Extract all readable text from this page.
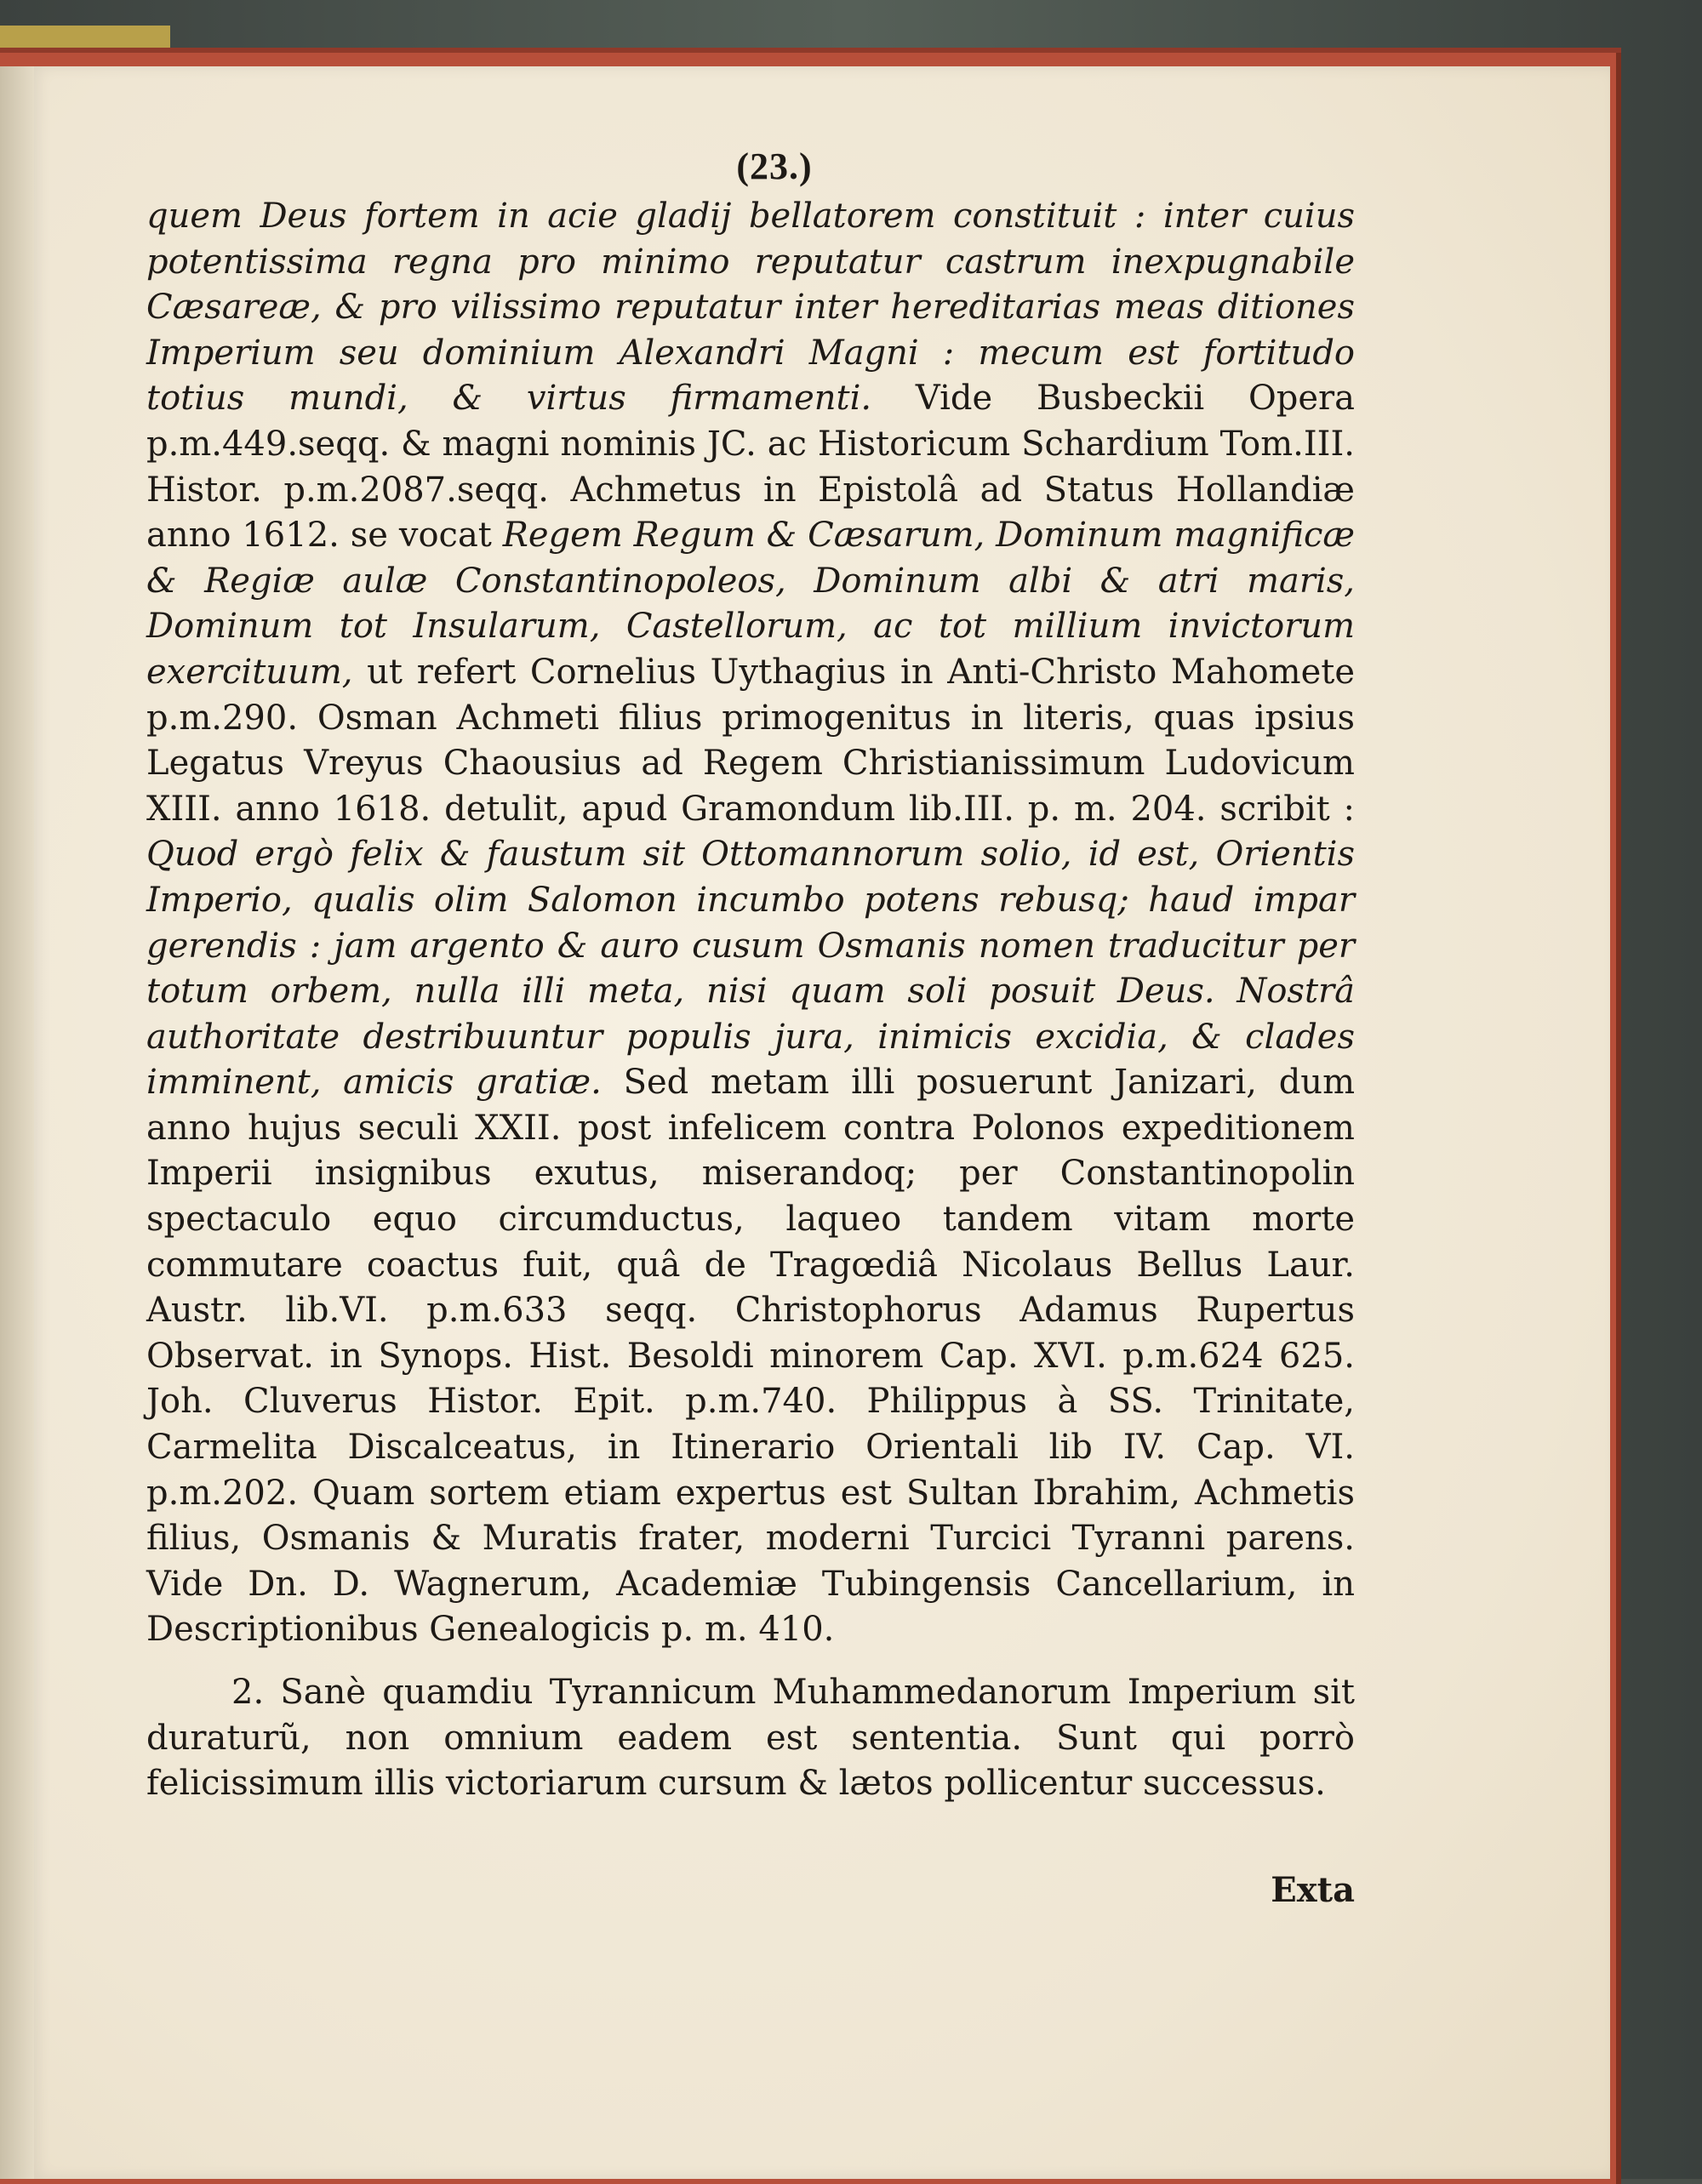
(23.)

quem Deus fortem in acie gladij bellatorem constituit : inter cuius potentissima regna pro minimo reputatur castrum inexpugnabile Cæsareæ, & pro vilissimo reputatur inter hereditarias meas ditiones Imperium seu dominium Alexandri Magni : mecum est fortitudo totius mundi, & virtus firmamenti. Vide Busbeckii Opera p.m.449.seqq. & magni nominis JC. ac Historicum Schardium Tom.III. Histor. p.m.2087.seqq. Achmetus in Epistolâ ad Status Hollandiæ anno 1612. se vocat Regem Regum & Cæsarum, Dominum magnificæ & Regiæ aulæ Constantinopoleos, Dominum albi & atri maris, Dominum tot Insularum, Castellorum, ac tot millium invictorum exercituum, ut refert Cornelius Uythagius in Anti-Christo Mahomete p.m.290. Osman Achmeti filius primogenitus in literis, quas ipsius Legatus Vreyus Chaousius ad Regem Christianissimum Ludovicum XIII. anno 1618. detulit, apud Gramondum lib.III. p. m. 204. scribit : Quod ergò felix & faustum sit Ottomannorum solio, id est, Orientis Imperio, qualis olim Salomon incumbo potens rebusq; haud impar gerendis : jam argento & auro cusum Osmanis nomen traducitur per totum orbem, nulla illi meta, nisi quam soli posuit Deus. Nostrâ authoritate destribuuntur populis jura, inimicis excidia, & clades imminent, amicis gratiæ. Sed metam illi posuerunt Janizari, dum anno hujus seculi XXII. post infelicem contra Polonos expeditionem Imperii insignibus exutus, miserandoq; per Constantinopolin spectaculo equo circumductus, laqueo tandem vitam morte commutare coactus fuit, quâ de Tragœdiâ Nicolaus Bellus Laur. Austr. lib.VI. p.m.633 seqq. Christophorus Adamus Rupertus Observat. in Synops. Hist. Besoldi minorem Cap. XVI. p.m.624 625. Joh. Cluverus Histor. Epit. p.m.740. Philippus à SS. Trinitate, Carmelita Discalceatus, in Itinerario Orientali lib IV. Cap. VI. p.m.202. Quam sortem etiam expertus est Sultan Ibrahim, Achmetis filius, Osmanis & Muratis frater, moderni Turcici Tyranni parens. Vide Dn. D. Wagnerum, Academiæ Tubingensis Cancellarium, in Descriptionibus Genealogicis p. m. 410.

2. Sanè quamdiu Tyrannicum Muhammedanorum Imperium sit duraturũ, non omnium eadem est sententia. Sunt qui porrò felicissimum illis victoriarum cursum & lætos pollicentur successus.

Exta
